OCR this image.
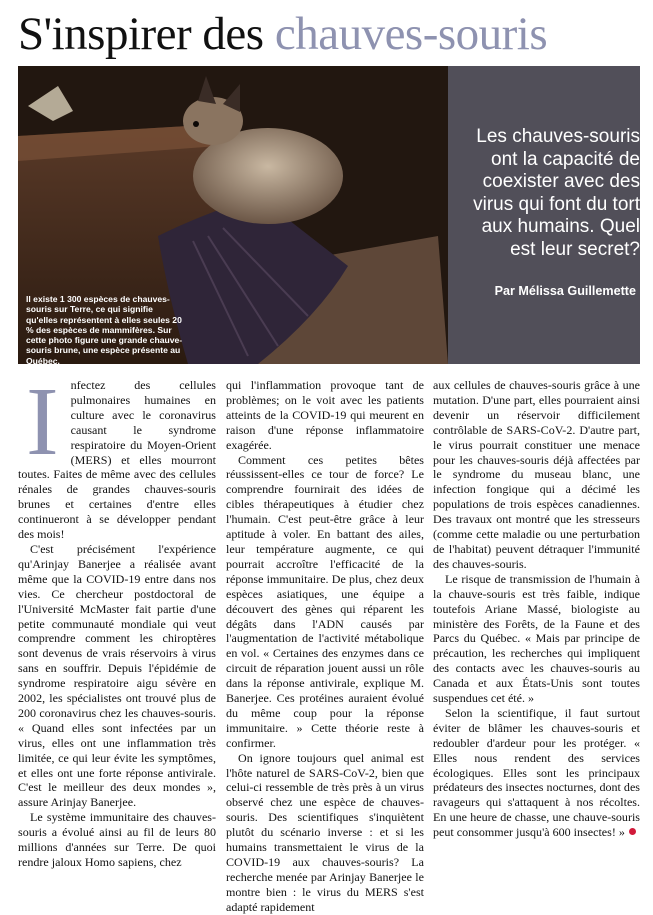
S'inspirer des chauves-souris
Il existe 1 300 espèces de chauves-souris sur Terre, ce qui signifie qu'elles représentent à elles seules 20 % des espèces de mammifères. Sur cette photo figure une grande chauve-souris brune, une espèce présente au Québec.
Les chauves-souris ont la capacité de coexister avec des virus qui font du tort aux humains. Quel est leur secret?
Par Mélissa Guillemette
I nfectez des cellules pulmonaires humaines en culture avec le coronavirus causant le syndrome respiratoire du Moyen-Orient (MERS) et elles mourront toutes. Faites de même avec des cellules rénales de grandes chauves-souris brunes et certaines d'entre elles continueront à se développer pendant des mois!

C'est précisément l'expérience qu'Arinjay Banerjee a réalisée avant même que la COVID-19 entre dans nos vies. Ce chercheur postdoctoral de l'Université McMaster fait partie d'une petite communauté mondiale qui veut comprendre comment les chiroptères sont devenus de vrais réservoirs à virus sans en souffrir. Depuis l'épidémie de syndrome respiratoire aigu sévère en 2002, les spécialistes ont trouvé plus de 200 coronavirus chez les chauves-souris. « Quand elles sont infectées par un virus, elles ont une inflammation très limitée, ce qui leur évite les symptômes, et elles ont une forte réponse antivirale. C'est le meilleur des deux mondes », assure Arinjay Banerjee.

Le système immunitaire des chauves-souris a évolué ainsi au fil de leurs 80 millions d'années sur Terre. De quoi rendre jaloux Homo sapiens, chez

qui l'inflammation provoque tant de problèmes; on le voit avec les patients atteints de la COVID-19 qui meurent en raison d'une réponse inflammatoire exagérée.

Comment ces petites bêtes réussissent-elles ce tour de force? Le comprendre fournirait des idées de cibles thérapeutiques à étudier chez l'humain. C'est peut-être grâce à leur aptitude à voler. En battant des ailes, leur température augmente, ce qui pourrait accroître l'efficacité de la réponse immunitaire. De plus, chez deux espèces asiatiques, une équipe a découvert des gènes qui réparent les dégâts dans l'ADN causés par l'augmentation de l'activité métabolique en vol. « Certaines des enzymes dans ce circuit de réparation jouent aussi un rôle dans la réponse antivirale, explique M. Banerjee. Ces protéines auraient évolué du même coup pour la réponse immunitaire. » Cette théorie reste à confirmer.

On ignore toujours quel animal est l'hôte naturel de SARS-CoV-2, bien que celui-ci ressemble de très près à un virus observé chez une espèce de chauves-souris. Des scientifiques s'inquiètent plutôt du scénario inverse : et si les humains transmettaient le virus de la COVID-19 aux chauves-souris? La recherche menée par Arinjay Banerjee le montre bien : le virus du MERS s'est adapté rapidement

aux cellules de chauves-souris grâce à une mutation. D'une part, elles pourraient ainsi devenir un réservoir difficilement contrôlable de SARS-CoV-2. D'autre part, le virus pourrait constituer une menace pour les chauves-souris déjà affectées par le syndrome du museau blanc, une infection fongique qui a décimé les populations de trois espèces canadiennes. Des travaux ont montré que les stresseurs (comme cette maladie ou une perturbation de l'habitat) peuvent détraquer l'immunité des chauves-souris.

Le risque de transmission de l'humain à la chauve-souris est très faible, indique toutefois Ariane Massé, biologiste au ministère des Forêts, de la Faune et des Parcs du Québec. « Mais par principe de précaution, les recherches qui impliquent des contacts avec les chauves-souris au Canada et aux États-Unis sont toutes suspendues cet été. »

Selon la scientifique, il faut surtout éviter de blâmer les chauves-souris et redoubler d'ardeur pour les protéger. « Elles nous rendent des services écologiques. Elles sont les principaux prédateurs des insectes nocturnes, dont des ravageurs qui s'attaquent à nos récoltes. En une heure de chasse, une chauve-souris peut consommer jusqu'à 600 insectes! »
